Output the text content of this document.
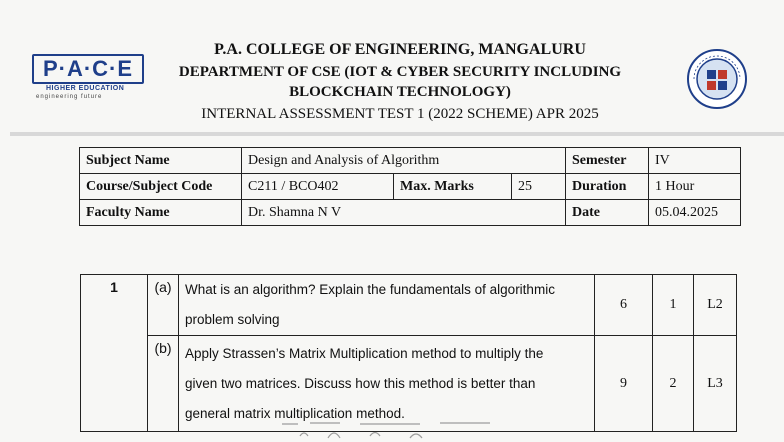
P·A·C·E
HIGHER EDUCATION
engineering future
P.A. COLLEGE OF ENGINEERING, MANGALURU
DEPARTMENT OF CSE (IOT & CYBER SECURITY INCLUDING
BLOCKCHAIN TECHNOLOGY)
INTERNAL ASSESSMENT TEST 1 (2022 SCHEME) APR 2025
Subject Name	Design and Analysis of Algorithm			Semester	IV
Course/Subject Code	C211 / BCO402	Max. Marks	25	Duration	1 Hour
Faculty Name	Dr. Shamna N V			Date	05.04.2025
1	(a)	What is an algorithm? Explain the fundamentals of algorithmic
problem solving	6	1	L2
	(b)	Apply Strassen’s Matrix Multiplication method to multiply the
given two matrices. Discuss how this method is better than
general matrix multiplication method.	9	2	L3
